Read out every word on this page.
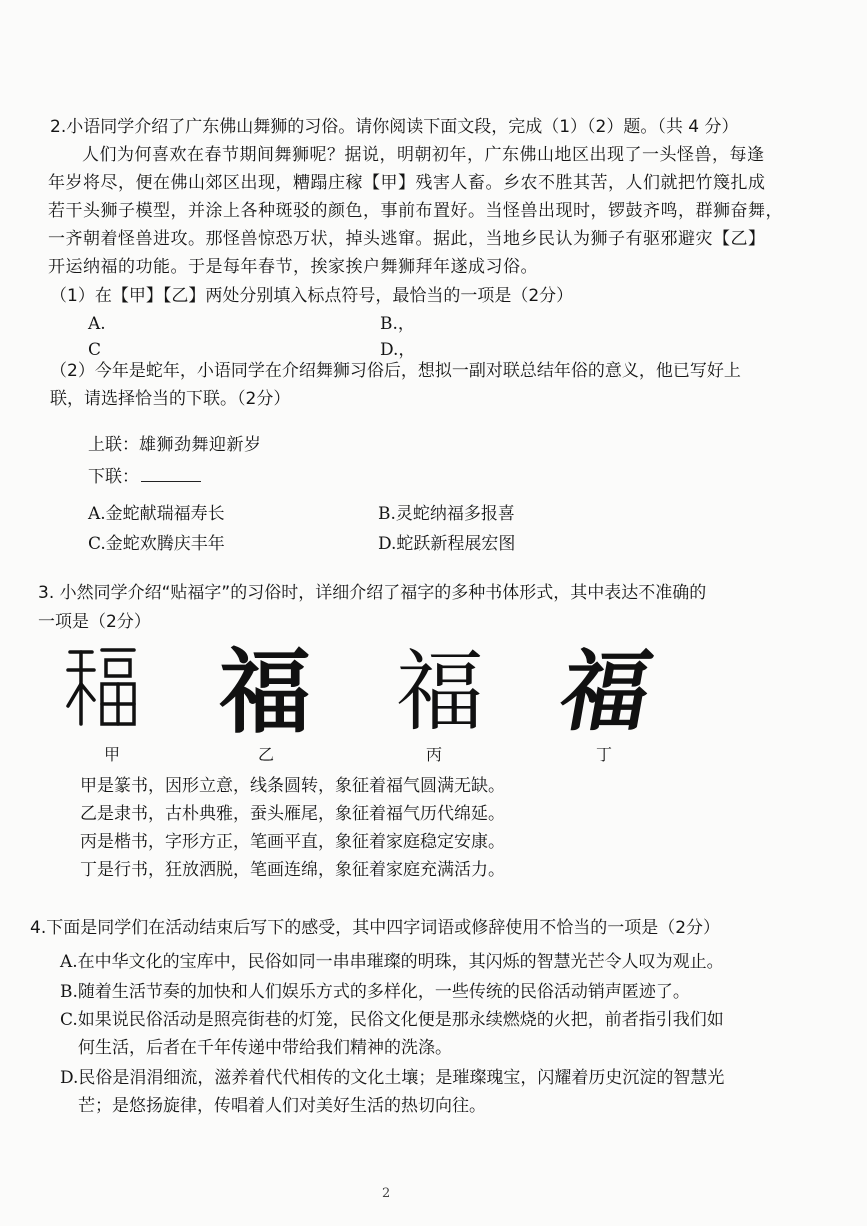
2.小语同学介绍了广东佛山舞狮的习俗。请你阅读下面文段，完成（1）（2）题。（共 4 分）
人们为何喜欢在春节期间舞狮呢？据说，明朝初年，广东佛山地区出现了一头怪兽，每逢
年岁将尽，便在佛山郊区出现，糟蹋庄稼【甲】残害人畜。乡农不胜其苦，人们就把竹篾扎成
若干头狮子模型，并涂上各种斑驳的颜色，事前布置好。当怪兽出现时，锣鼓齐鸣，群狮奋舞，
一齐朝着怪兽进攻。那怪兽惊恐万状，掉头逃窜。据此，当地乡民认为狮子有驱邪避灾【乙】
开运纳福的功能。于是每年春节，挨家挨户舞狮拜年遂成习俗。
（1）在【甲】【乙】两处分别填入标点符号，最恰当的一项是（2分）
A.	B.，
C	D.，
（2）今年是蛇年，小语同学在介绍舞狮习俗后，想拟一副对联总结年俗的意义，他已写好上
联，请选择恰当的下联。（2分）
上联：雄狮劲舞迎新岁
下联：
A.金蛇献瑞福寿长	B.灵蛇纳福多报喜
C.金蛇欢腾庆丰年	D.蛇跃新程展宏图
3. 小然同学介绍“贴福字”的习俗时，详细介绍了福字的多种书体形式，其中表达不准确的
一项是（2分）
福 福 福
甲	乙	丙	丁
甲是篆书，因形立意，线条圆转，象征着福气圆满无缺。
乙是隶书，古朴典雅，蚕头雁尾，象征着福气历代绵延。
丙是楷书，字形方正，笔画平直，象征着家庭稳定安康。
丁是行书，狂放洒脱，笔画连绵，象征着家庭充满活力。
4.下面是同学们在活动结束后写下的感受，其中四字词语或修辞使用不恰当的一项是（2分）
A.在中华文化的宝库中，民俗如同一串串璀璨的明珠，其闪烁的智慧光芒令人叹为观止。
B.随着生活节奏的加快和人们娱乐方式的多样化，一些传统的民俗活动销声匿迹了。
C.如果说民俗活动是照亮街巷的灯笼，民俗文化便是那永续燃烧的火把，前者指引我们如
何生活，后者在千年传递中带给我们精神的洗涤。
D.民俗是涓涓细流，滋养着代代相传的文化土壤；是璀璨瑰宝，闪耀着历史沉淀的智慧光
芒；是悠扬旋律，传唱着人们对美好生活的热切向往。
2
